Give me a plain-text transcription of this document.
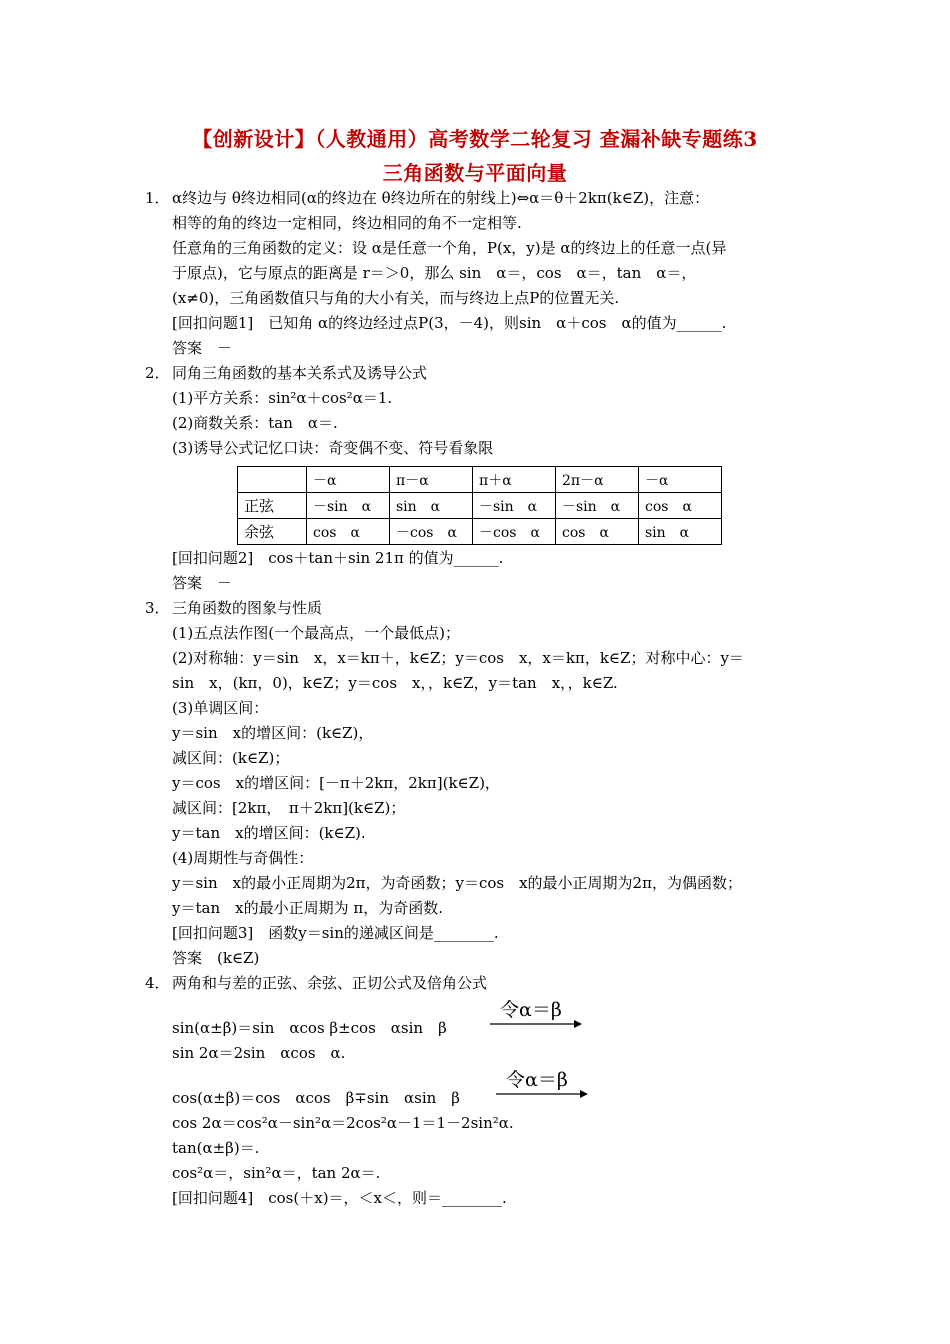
【创新设计】（人教通用）高考数学二轮复习 查漏补缺专题练3
三角函数与平面向量
1． α终边与 θ终边相同(α的终边在 θ终边所在的射线上)⇔α＝θ＋2kπ(k∈Z)，注意：
相等的角的终边一定相同，终边相同的角不一定相等.
任意角的三角函数的定义：设 α是任意一个角，P(x，y)是 α的终边上的任意一点(异
于原点)，它与原点的距离是 r＝＞0，那么 sin　α＝，cos　α＝，tan　α＝，
(x≠0)，三角函数值只与角的大小有关，而与终边上点P的位置无关.
[回扣问题1]　已知角 α的终边经过点P(3，－4)，则sin　α＋cos　α的值为______.
答案　－
2． 同角三角函数的基本关系式及诱导公式
(1)平方关系：sin²α＋cos²α＝1.
(2)商数关系：tan　α＝.
(3)诱导公式记忆口诀：奇变偶不变、符号看象限
	－α	π－α	π＋α	2π－α	－α
正弦	－sin　α	sin　α	－sin　α	－sin　α	cos　α
余弦	cos　α	－cos　α	－cos　α	cos　α	sin　α
[回扣问题2]　cos＋tan＋sin 21π 的值为______.
答案　－
3． 三角函数的图象与性质
(1)五点法作图(一个最高点，一个最低点)；
(2)对称轴：y＝sin　x，x＝kπ＋，k∈Z；y＝cos　x，x＝kπ，k∈Z；对称中心：y＝
sin　x，(kπ，0)，k∈Z；y＝cos　x，，k∈Z，y＝tan　x，，k∈Z.
(3)单调区间：
y＝sin　x的增区间：(k∈Z)，
减区间：(k∈Z)；
y＝cos　x的增区间：[－π＋2kπ，2kπ](k∈Z)，
减区间：[2kπ，　π＋2kπ](k∈Z)；
y＝tan　x的增区间：(k∈Z).
(4)周期性与奇偶性：
y＝sin　x的最小正周期为2π，为奇函数；y＝cos　x的最小正周期为2π，为偶函数；
y＝tan　x的最小正周期为 π，为奇函数.
[回扣问题3]　函数y＝sin的递减区间是________.
答案　(k∈Z)
4． 两角和与差的正弦、余弦、正切公式及倍角公式
sin(α±β)＝sin　αcos β±cos　αsin　β
令α＝β
sin 2α＝2sin　αcos　α.
cos(α±β)＝cos　αcos　β∓sin　αsin　β
令α＝β
cos 2α＝cos²α－sin²α＝2cos²α－1＝1－2sin²α.
tan(α±β)＝.
cos²α＝，sin²α＝，tan 2α＝.
[回扣问题4]　cos(＋x)＝，＜x＜，则＝________.
